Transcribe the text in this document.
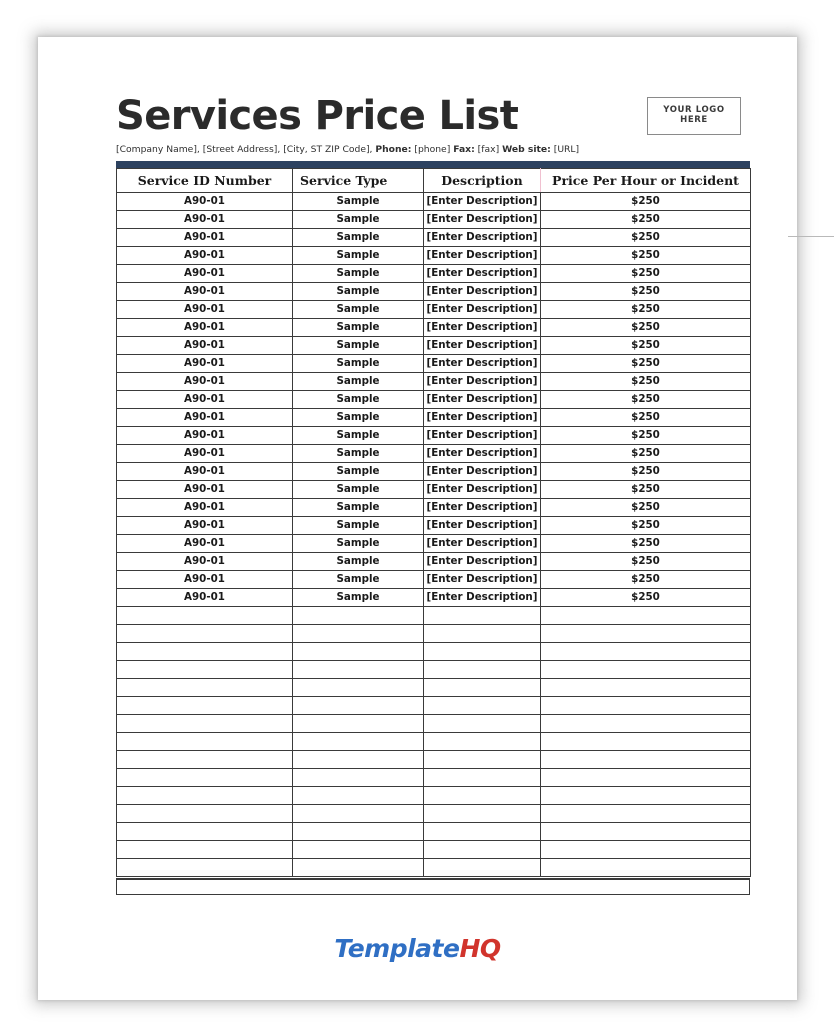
Services Price List	YOUR LOGO
HERE
[Company Name], [Street Address], [City, ST ZIP Code], Phone: [phone] Fax: [fax] Web site: [URL]
Service ID Number	Service Type	Description	Price Per Hour or Incident
A90-01	Sample	[Enter Description]	$250
A90-01	Sample	[Enter Description]	$250
A90-01	Sample	[Enter Description]	$250
A90-01	Sample	[Enter Description]	$250
A90-01	Sample	[Enter Description]	$250
A90-01	Sample	[Enter Description]	$250
A90-01	Sample	[Enter Description]	$250
A90-01	Sample	[Enter Description]	$250
A90-01	Sample	[Enter Description]	$250
A90-01	Sample	[Enter Description]	$250
A90-01	Sample	[Enter Description]	$250
A90-01	Sample	[Enter Description]	$250
A90-01	Sample	[Enter Description]	$250
A90-01	Sample	[Enter Description]	$250
A90-01	Sample	[Enter Description]	$250
A90-01	Sample	[Enter Description]	$250
A90-01	Sample	[Enter Description]	$250
A90-01	Sample	[Enter Description]	$250
A90-01	Sample	[Enter Description]	$250
A90-01	Sample	[Enter Description]	$250
A90-01	Sample	[Enter Description]	$250
A90-01	Sample	[Enter Description]	$250
A90-01	Sample	[Enter Description]	$250

TemplateHQ
